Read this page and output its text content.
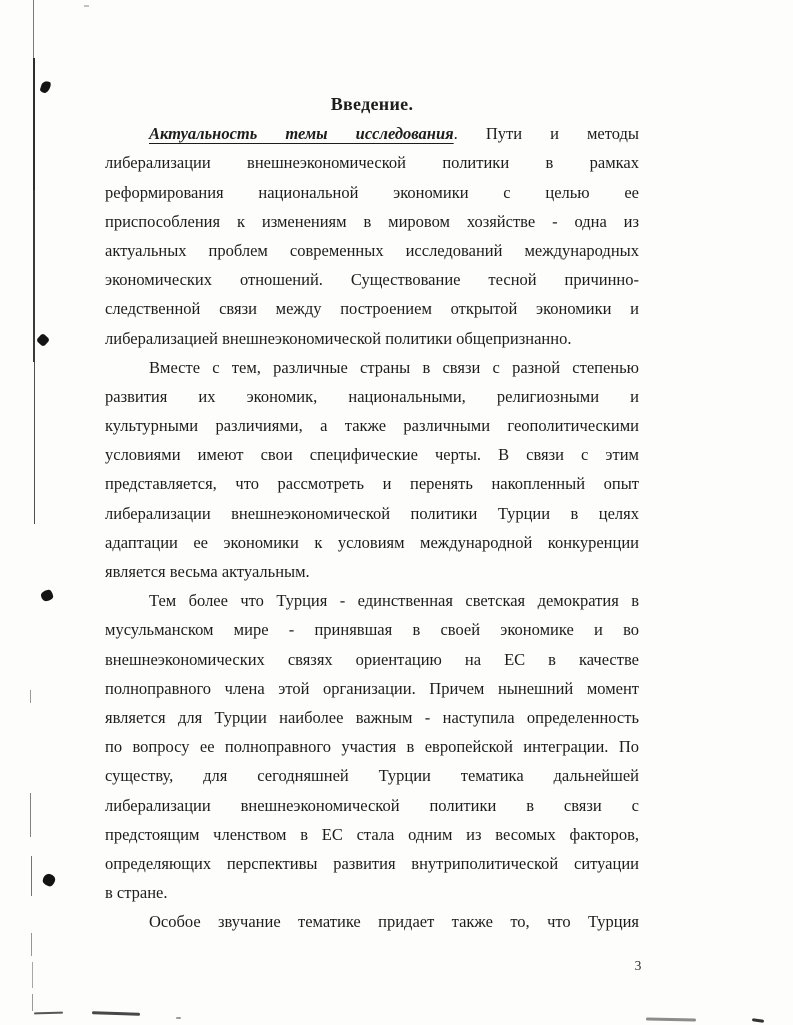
Введение.

Актуальность темы исследования. Пути и методы
либерализации внешнеэкономической политики в рамках
реформирования национальной экономики с целью ее
приспособления к изменениям в мировом хозяйстве - одна из
актуальных проблем современных исследований международных
экономических отношений. Существование тесной причинно-
следственной связи между построением открытой экономики и
либерализацией внешнеэкономической политики общепризнанно.

Вместе с тем, различные страны в связи с разной степенью
развития их экономик, национальными, религиозными и
культурными различиями, а также различными геополитическими
условиями имеют свои специфические черты. В связи с этим
представляется, что рассмотреть и перенять накопленный опыт
либерализации внешнеэкономической политики Турции в целях
адаптации ее экономики к условиям международной конкуренции
является весьма актуальным.

Тем более что Турция - единственная светская демократия в
мусульманском мире - принявшая в своей экономике и во
внешнеэкономических связях ориентацию на ЕС в качестве
полноправного члена этой организации. Причем нынешний момент
является для Турции наиболее важным - наступила определенность
по вопросу ее полноправного участия в европейской интеграции. По
существу, для сегодняшней Турции тематика дальнейшей
либерализации внешнеэкономической политики в связи с
предстоящим членством в ЕС стала одним из весомых факторов,
определяющих перспективы развития внутриполитической ситуации
в стране.

Особое звучание тематике придает также то, что Турция

3
